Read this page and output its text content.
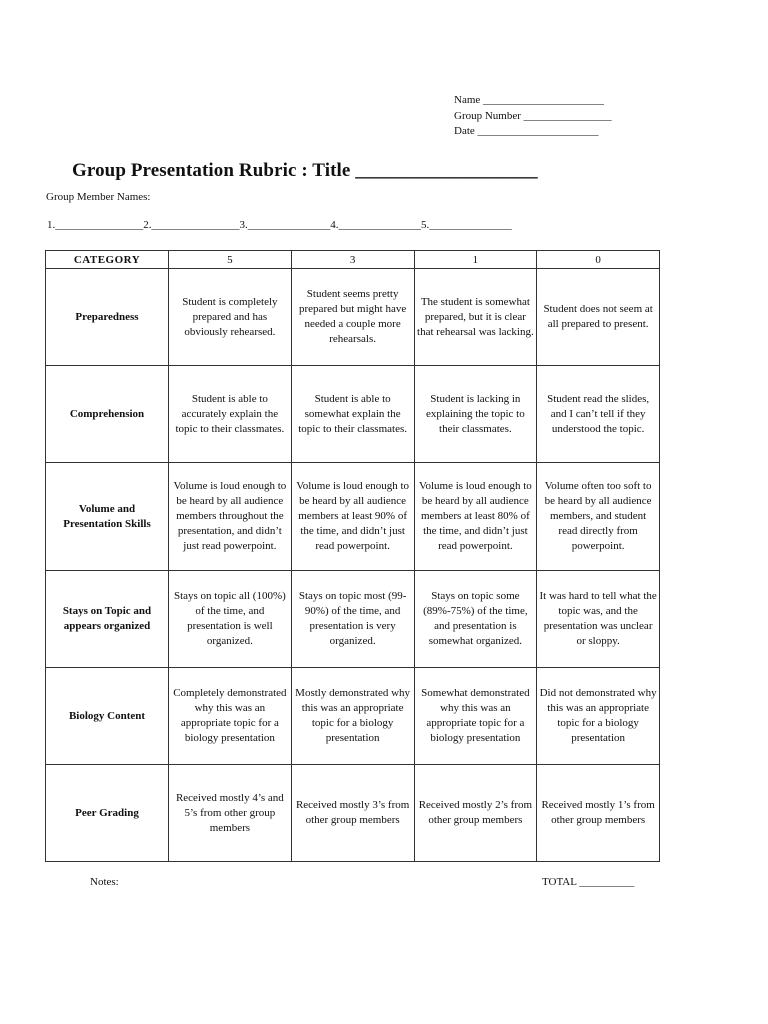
Name ______________________
Group Number ________________
Date ______________________
Group Presentation Rubric : Title ___________________
Group Member Names:
1.________________2.________________3._______________4._______________5._______________
CATEGORY	5	3	1	0
Preparedness	Student is completely prepared and has obviously rehearsed.	Student seems pretty prepared but might have needed a couple more rehearsals.	The student is somewhat prepared, but it is clear that rehearsal was lacking.	Student does not seem at all prepared to present.
Comprehension	Student is able to accurately explain the topic to their classmates.	Student is able to somewhat explain the topic to their classmates.	Student is lacking in explaining the topic to their classmates.	Student read the slides, and I can’t tell if they understood the topic.
Volume and Presentation Skills	Volume is loud enough to be heard by all audience members throughout the presentation, and didn’t just read powerpoint.	Volume is loud enough to be heard by all audience members at least 90% of the time, and didn’t just read powerpoint.	Volume is loud enough to be heard by all audience members at least 80% of the time, and didn’t just read powerpoint.	Volume often too soft to be heard by all audience members, and student read directly from powerpoint.
Stays on Topic and appears organized	Stays on topic all (100%) of the time, and presentation is well organized.	Stays on topic most (99-90%) of the time, and presentation is very organized.	Stays on topic some (89%-75%) of the time, and presentation is somewhat organized.	It was hard to tell what the topic was, and the presentation was unclear or sloppy.
Biology Content	Completely demonstrated why this was an appropriate topic for a biology presentation	Mostly demonstrated why this was an appropriate topic for a biology presentation	Somewhat demonstrated why this was an appropriate topic for a biology presentation	Did not demonstrated why this was an appropriate topic for a biology presentation
Peer Grading	Received mostly 4’s and 5’s from other group members	Received mostly 3’s from other group members	Received mostly 2’s from other group members	Received mostly 1’s from other group members
Notes:	TOTAL __________
